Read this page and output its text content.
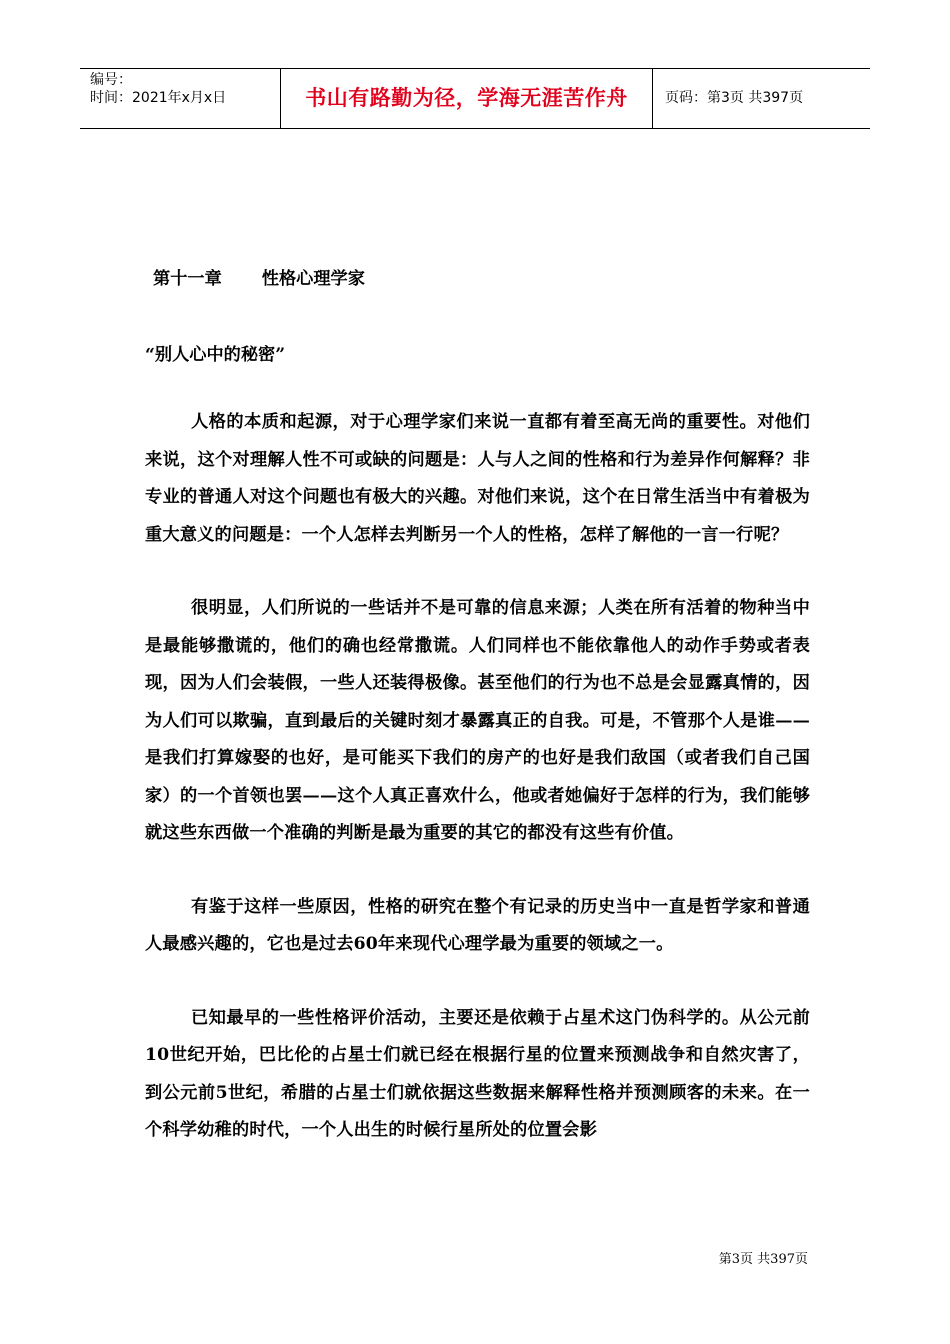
编号：
时间：2021年x月x日	书山有路勤为径，学海无涯苦作舟	页码：第3页 共397页

第十一章 性格心理学家

“别人心中的秘密”

人格的本质和起源，对于心理学家们来说一直都有着至高无尚的重要性。对他们来说，这个对理解人性不可或缺的问题是：人与人之间的性格和行为差异作何解释？非专业的普通人对这个问题也有极大的兴趣。对他们来说，这个在日常生活当中有着极为重大意义的问题是：一个人怎样去判断另一个人的性格，怎样了解他的一言一行呢？

很明显，人们所说的一些话并不是可靠的信息来源；人类在所有活着的物种当中是最能够撒谎的，他们的确也经常撒谎。人们同样也不能依靠他人的动作手势或者表现，因为人们会装假，一些人还装得极像。甚至他们的行为也不总是会显露真情的，因为人们可以欺骗，直到最后的关键时刻才暴露真正的自我。可是，不管那个人是谁——是我们打算嫁娶的也好，是可能买下我们的房产的也好是我们敌国（或者我们自己国家）的一个首领也罢——这个人真正喜欢什么，他或者她偏好于怎样的行为，我们能够就这些东西做一个准确的判断是最为重要的其它的都没有这些有价值。

有鉴于这样一些原因，性格的研究在整个有记录的历史当中一直是哲学家和普通人最感兴趣的，它也是过去60年来现代心理学最为重要的领域之一。

已知最早的一些性格评价活动，主要还是依赖于占星术这门伪科学的。从公元前10世纪开始，巴比伦的占星士们就已经在根据行星的位置来预测战争和自然灾害了，到公元前5世纪，希腊的占星士们就依据这些数据来解释性格并预测顾客的未来。在一个科学幼稚的时代，一个人出生的时候行星所处的位置会影

第3页 共397页
